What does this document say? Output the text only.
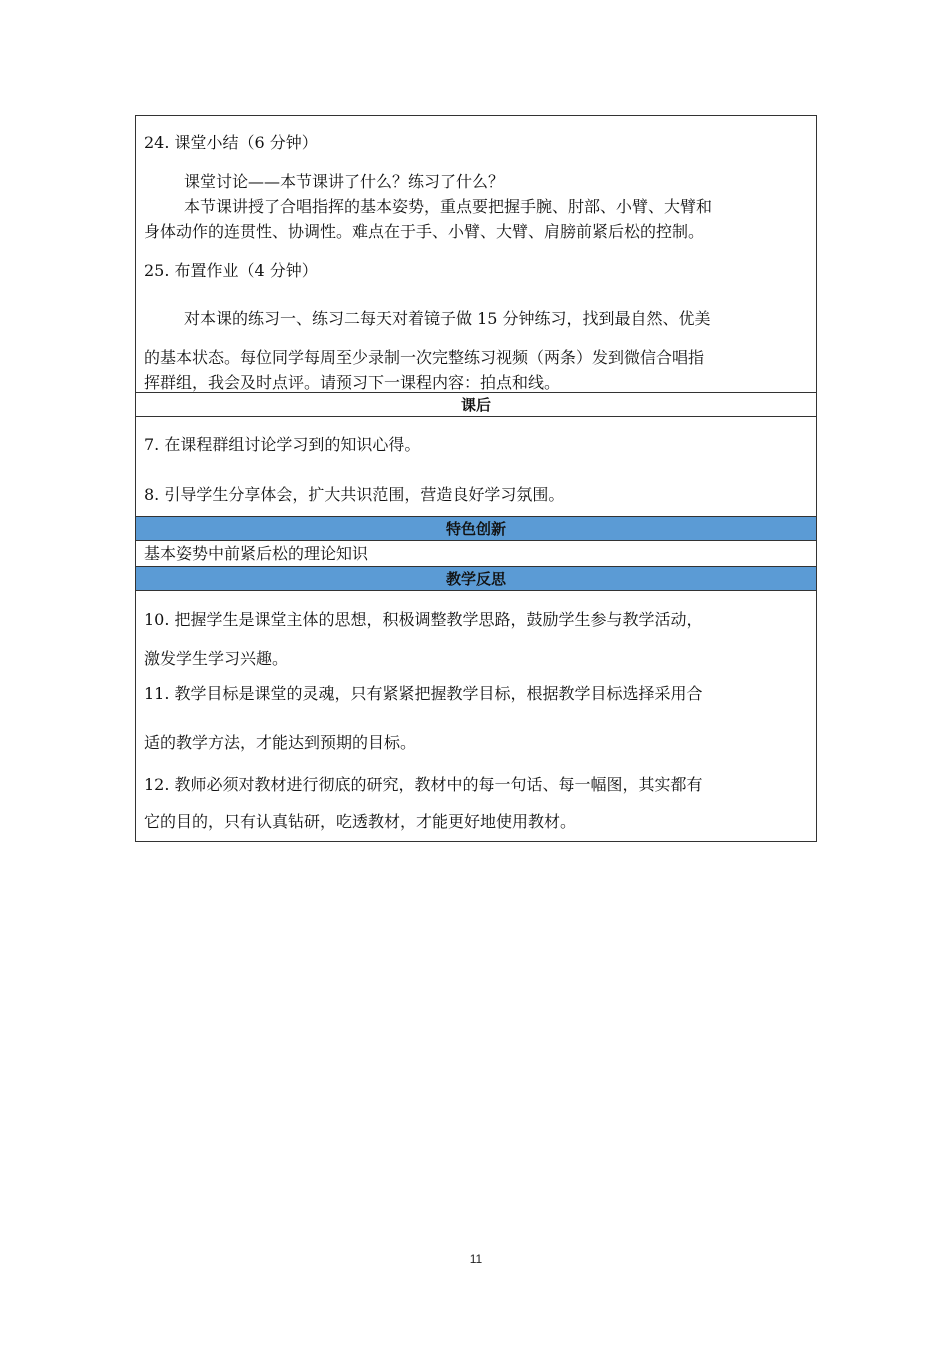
24. 课堂小结（6 分钟）
课堂讨论——本节课讲了什么？练习了什么？
本节课讲授了合唱指挥的基本姿势，重点要把握手腕、肘部、小臂、大臂和
身体动作的连贯性、协调性。难点在于手、小臂、大臂、肩膀前紧后松的控制。
25. 布置作业（4 分钟）
对本课的练习一、练习二每天对着镜子做 15 分钟练习，找到最自然、优美
的基本状态。每位同学每周至少录制一次完整练习视频（两条）发到微信合唱指
挥群组，我会及时点评。请预习下一课程内容：拍点和线。
课后
7. 在课程群组讨论学习到的知识心得。
8. 引导学生分享体会，扩大共识范围，营造良好学习氛围。
特色创新
基本姿势中前紧后松的理论知识
教学反思
10. 把握学生是课堂主体的思想，积极调整教学思路，鼓励学生参与教学活动，
激发学生学习兴趣。
11. 教学目标是课堂的灵魂，只有紧紧把握教学目标，根据教学目标选择采用合
适的教学方法，才能达到预期的目标。
12. 教师必须对教材进行彻底的研究，教材中的每一句话、每一幅图，其实都有
它的目的，只有认真钻研，吃透教材，才能更好地使用教材。
11
